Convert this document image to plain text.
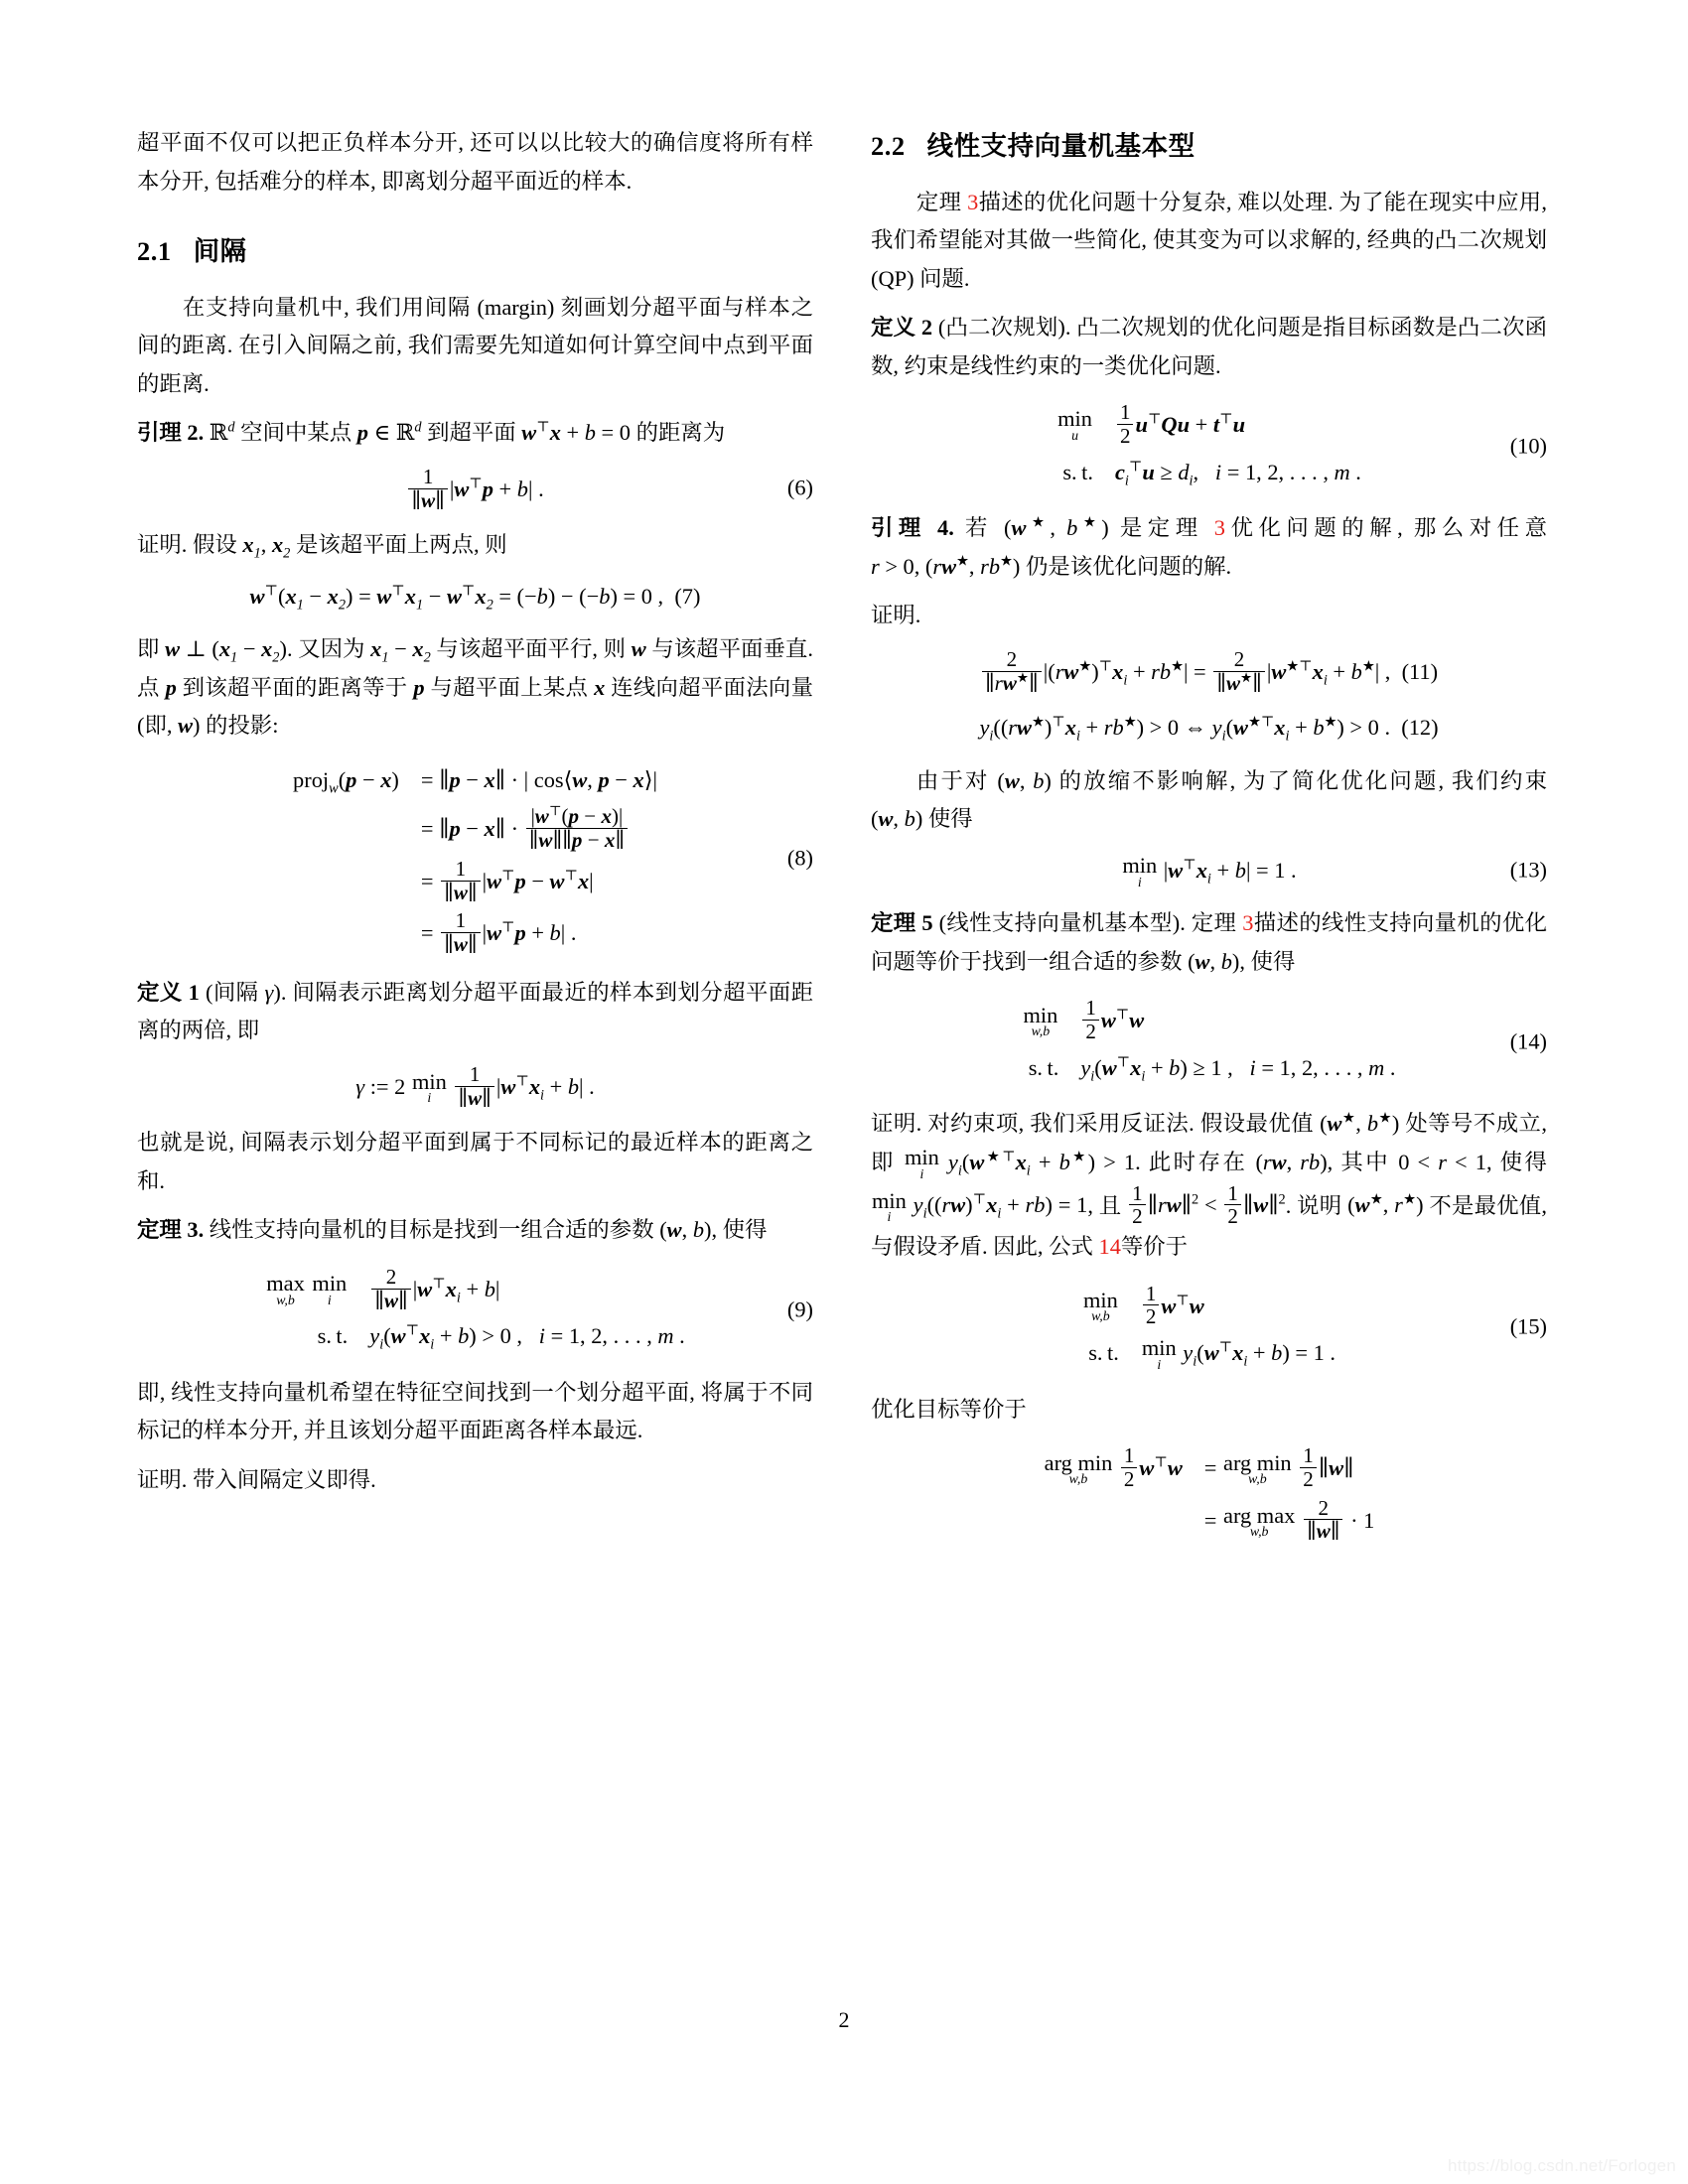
超平面不仅可以把正负样本分开, 还可以以比较大的确信度将所有样本分开, 包括难分的样本, 即离划分超平面近的样本.

2.1 间隔

在支持向量机中, 我们用间隔 (margin) 刻画划分超平面与样本之间的距离. 在引入间隔之前, 我们需要先知道如何计算空间中点到平面的距离.

引理 2. ℝ$^d$ 空间中某点 p ∈ ℝ$^d$ 到超平面 w⊤x + b = 0 的距离为

$\frac{1}{\parallel w\parallel} |w^⊤p + b|$ .	(6)

证明. 假设 $x_1$, $x_2$ 是该超平面上两点, 则

$w^⊤(x_1 - x_2) = w^⊤x_1 - w^⊤x_2 = (-b) - (-b) = 0$ ,  (7)

即 w ⊥ $(x_1 - x_2)$. 又因为 $x_1 - x_2$ 与该超平面平行, 则 w 与该超平面垂直. 点 p 到该超平面的距离等于 p 与超平面上某点 x 连线向超平面法向量 (即, w) 的投影:

proj$_w$(p − x)	= ∥p − x∥ · | cos⟨w, p − x⟩|
	= ∥p − x∥ · $\frac{|w^⊤(p - x)|}{\parallel w\parallel\parallel p - x\parallel}$

	= $\frac{1}{\parallel w\parallel} |w^⊤p - w^⊤x|$
	= $\frac{1}{\parallel w\parallel} |w^⊤p + b|$ .
(8)

定义 1 (间隔 γ). 间隔表示距离划分超平面最近的样本到划分超平面距离的两倍, 即

γ := 2 min
i
	$\frac{1}{\parallel w\parallel} |w^⊤x_i + b|$ .

也就是说, 间隔表示划分超平面到属于不同标记的最近样本的距离之和.

定理 3. 线性支持向量机的目标是找到一组合适的参数 (w, b), 使得

max
w,b

min
i	$\frac{2}{\parallel w\parallel} |w^⊤x_i + b|$
s. t.	$y_i(w^⊤x_i + b) > 0$ ,   i = 1, 2, . . . , m .
(9)

即, 线性支持向量机希望在特征空间找到一个划分超平面, 将属于不同标记的样本分开, 并且该划分超平面距离各样本最远.

证明. 带入间隔定义即得.

2.2 线性支持向量机基本型

定理 3描述的优化问题十分复杂, 难以处理. 为了能在现实中应用, 我们希望能对其做一些简化, 使其变为可以求解的, 经典的凸二次规划 (QP) 问题.

定义 2 (凸二次规划). 凸二次规划的优化问题是指目标函数是凸二次函数, 约束是线性约束的一类优化问题.

min
u	$\frac{1}{2} u^⊤Qu + t^⊤u$
s. t.	$c_i^⊤u \ge d_i$,   i = 1, 2, . . . , m .
(10)

引理 4. 若 (w★, b★) 是定理 3优化问题的解, 那么对任意 r > 0, (rw★, rb★) 仍是该优化问题的解.

证明.

$\frac{2}{\parallel rw^★\parallel} |(rw^★)^⊤x_i + rb^★| = \frac{2}{\parallel w^★\parallel} |w^{★⊤}x_i + b^★|$ ,  (11)
$y_i((rw^★)^⊤x_i + rb^★) > 0$ ⇔ $y_i(w^{★⊤}x_i + b^★) > 0$ .  (12)

由于对 (w, b) 的放缩不影响解, 为了简化优化问题, 我们约束 (w, b) 使得

min
i
$|w^⊤x_i + b| = 1$ .	(13)

定理 5 (线性支持向量机基本型). 定理 3描述的线性支持向量机的优化问题等价于找到一组合适的参数 (w, b), 使得

min
w,b	$\frac{1}{2} w^⊤w$
s. t.	$y_i(w^⊤x_i + b) \ge 1$ ,   i = 1, 2, . . . , m .
(14)

证明. 对约束项, 我们采用反证法. 假设最优值 (w★, b★) 处等号不成立, 即 min
i
$y_i(w^{★⊤}x_i + b^★) > 1$. 此时存在 (rw, rb), 其中 0 < r < 1, 使得
min
i
$y_i((rw)^⊤x_i + rb) = 1$, 且 $\frac{1}{2}$ ∥rw∥$^2$ < $\frac{1}{2}$ ∥w∥$^2$. 说明 (w★, r★) 不是最优值, 与假设矛盾. 因此, 公式 14等价于

min
w,b	$\frac{1}{2} w^⊤w$
s. t.	min
i
$y_i(w^⊤x_i + b) = 1$ .
(15)

优化目标等价于

arg min
w,b
	$\frac{1}{2} w^⊤w$	= arg min
w,b
	$\frac{1}{2}$ ∥w∥
	= arg max
w,b
	$\frac{2}{\parallel w\parallel} \cdot 1$
2
https://blog.csdn.net/Forlogen
